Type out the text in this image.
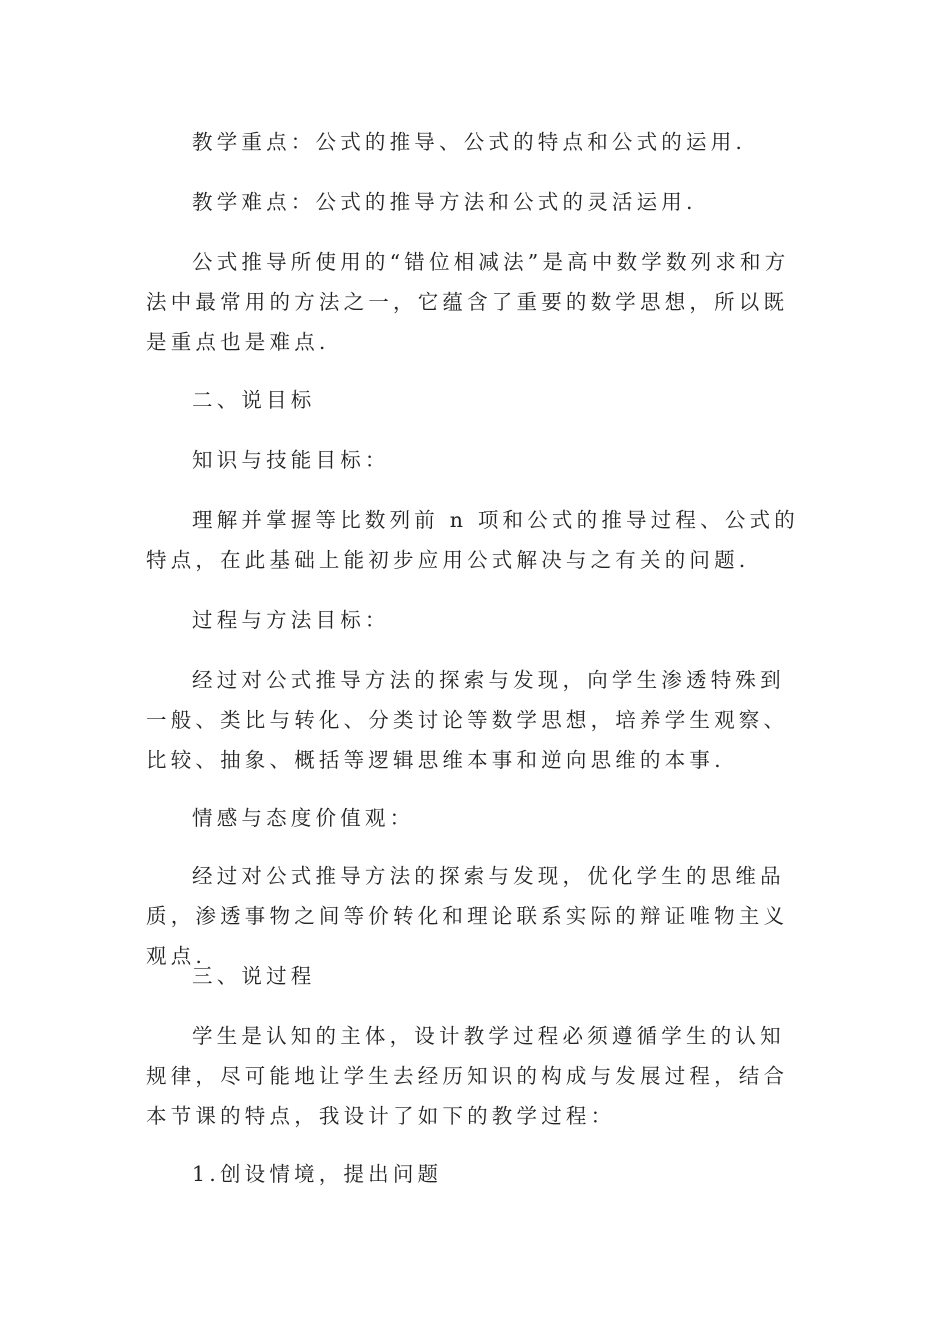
教学重点：公式的推导、公式的特点和公式的运用.

教学难点：公式的推导方法和公式的灵活运用.

公式推导所使用的“错位相减法”是高中数学数列求和方法中最常用的方法之一，它蕴含了重要的数学思想，所以既是重点也是难点.

二、说目标

知识与技能目标：

理解并掌握等比数列前 n 项和公式的推导过程、公式的特点，在此基础上能初步应用公式解决与之有关的问题.

过程与方法目标：

经过对公式推导方法的探索与发现，向学生渗透特殊到一般、类比与转化、分类讨论等数学思想，培养学生观察、比较、抽象、概括等逻辑思维本事和逆向思维的本事.

情感与态度价值观：

经过对公式推导方法的探索与发现，优化学生的思维品质，渗透事物之间等价转化和理论联系实际的辩证唯物主义观点.

三、说过程

学生是认知的主体，设计教学过程必须遵循学生的认知规律，尽可能地让学生去经历知识的构成与发展过程，结合本节课的特点，我设计了如下的教学过程：

1.创设情境，提出问题
